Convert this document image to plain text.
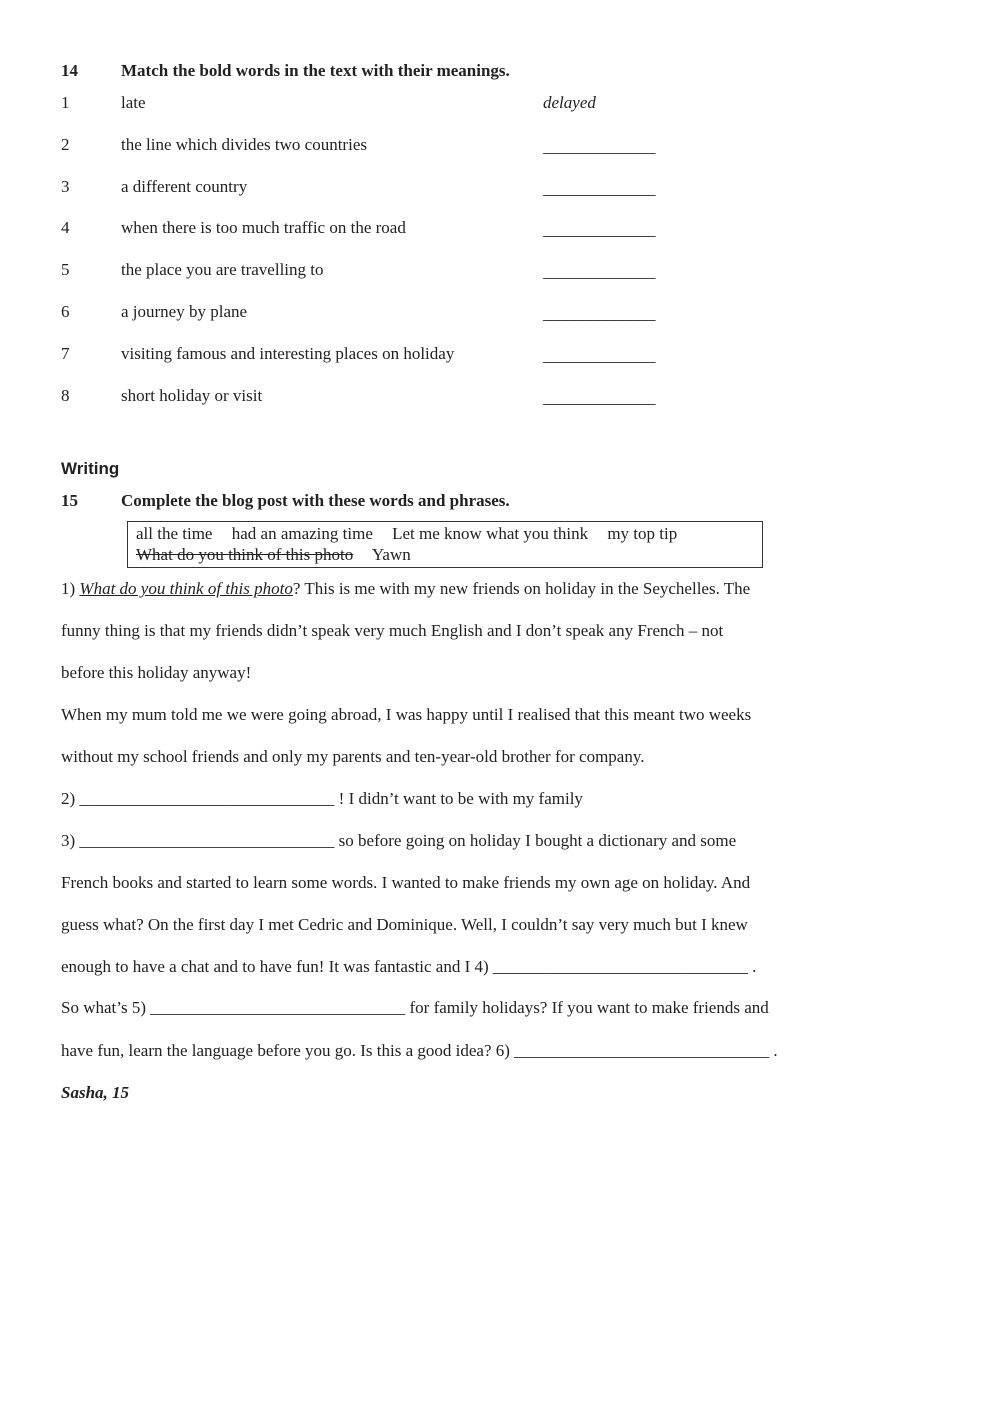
14	Match the bold words in the text with their meanings.
1	late	delayed
2	the line which divides two countries	______________
3	a different country	______________
4	when there is too much traffic on the road	______________
5	the place you are travelling to	______________
6	a journey by plane	______________
7	visiting famous and interesting places on holiday	______________
8	short holiday or visit	______________
Writing
15	Complete the blog post with these words and phrases.
all the time had an amazing time Let me know what you think my top tip
What do you think of this photo Yawn
1) What do you think of this photo? This is me with my new friends on holiday in the Seychelles. The
funny thing is that my friends didn’t speak very much English and I don’t speak any French – not
before this holiday anyway!
When my mum told me we were going abroad, I was happy until I realised that this meant two weeks
without my school friends and only my parents and ten-year-old brother for company.
2) ______________________________ ! I didn’t want to be with my family
3) ______________________________ so before going on holiday I bought a dictionary and some
French books and started to learn some words. I wanted to make friends my own age on holiday. And
guess what? On the first day I met Cedric and Dominique. Well, I couldn’t say very much but I knew
enough to have a chat and to have fun! It was fantastic and I 4) ______________________________ .
So what’s 5) ______________________________ for family holidays? If you want to make friends and
have fun, learn the language before you go. Is this a good idea? 6) ______________________________ .
Sasha, 15
